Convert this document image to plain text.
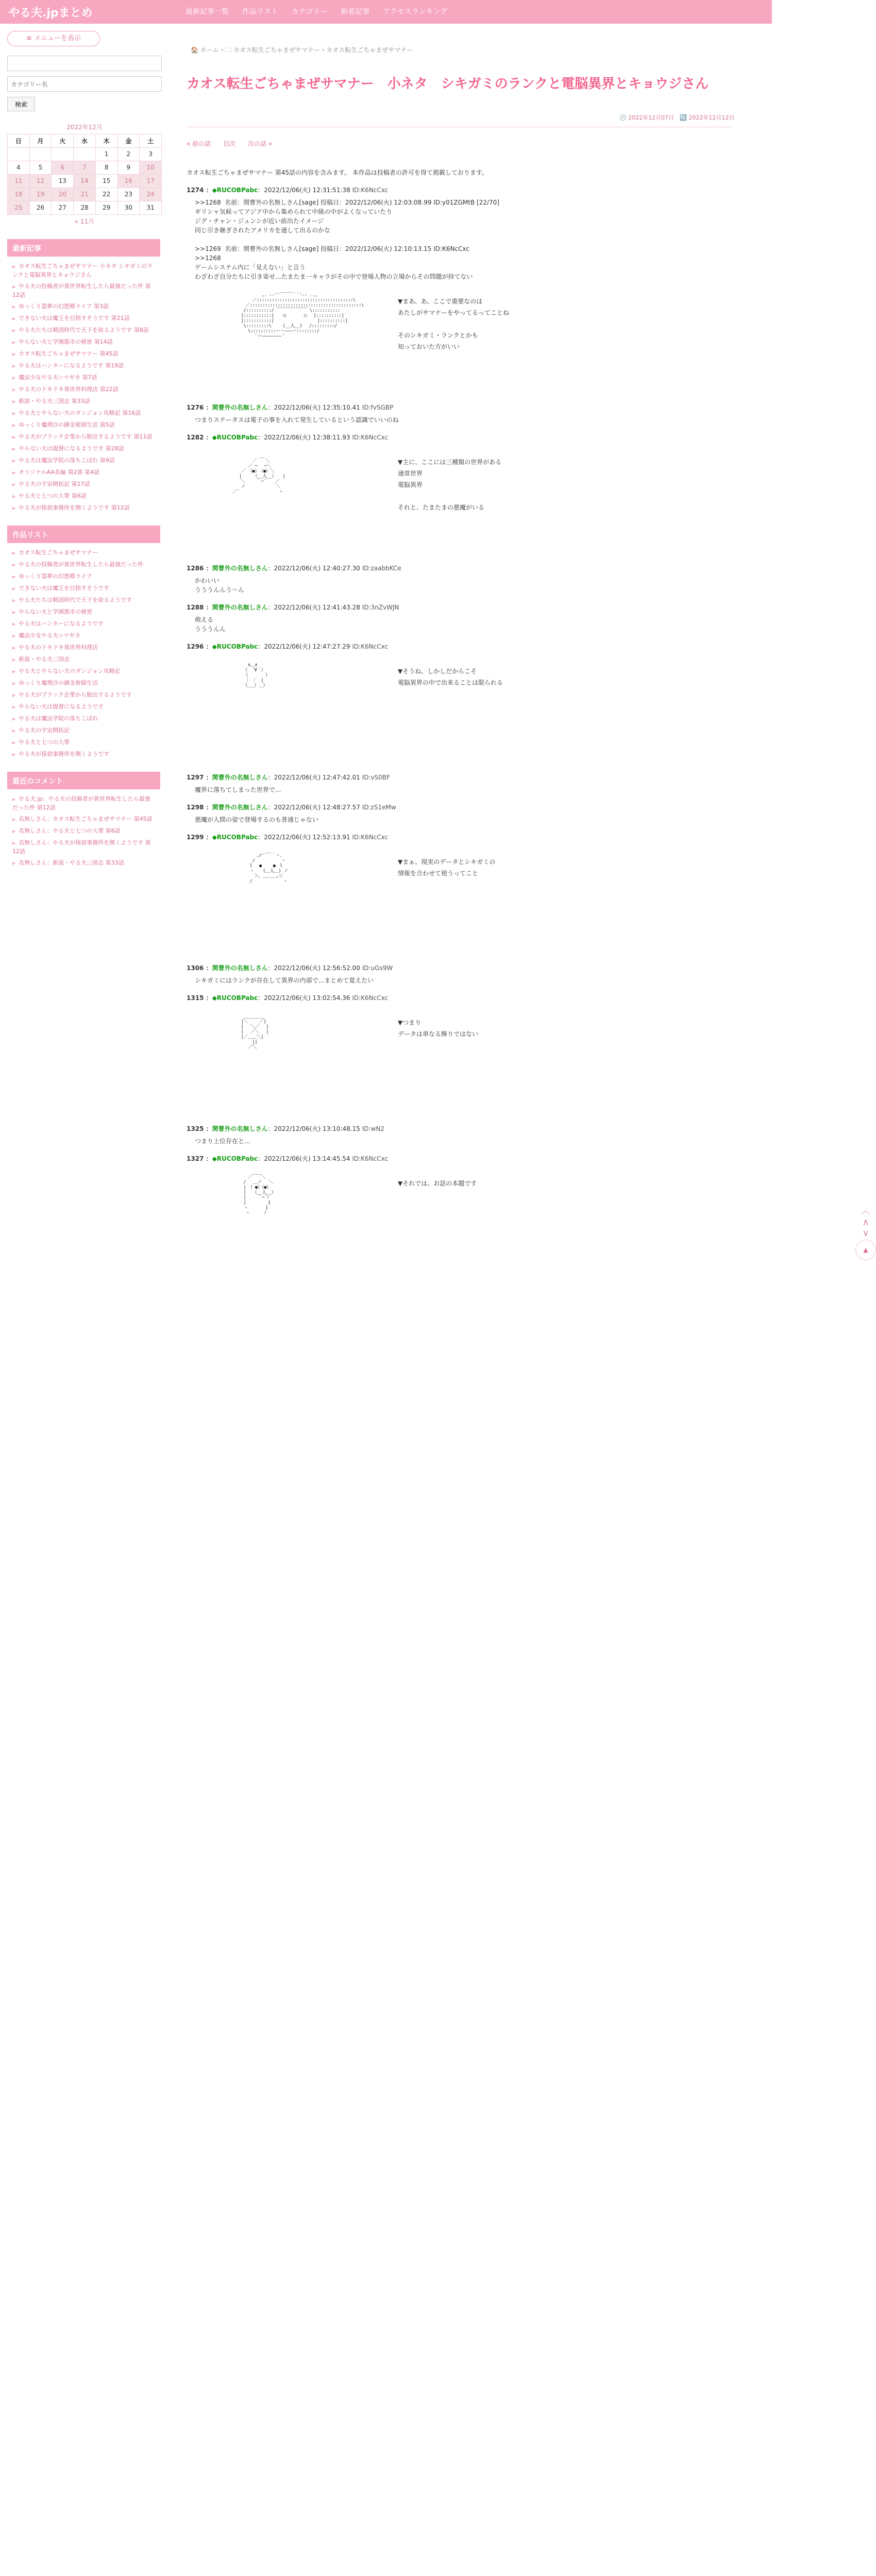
やる夫.jpまとめ	最新記事一覧 作品リスト カテゴリー 新着記事 アクセスランキング
≡ メニューを表示
カテゴリー名
検索
2022年12月						
日	月	火	水	木	金	土
				1	2	3
4	5	6	7	8	9	10
11	12	13	14	15	16	17
18	19	20	21	22	23	24
25	26	27	28	29	30	31
« 11月						
最新記事
▶ カオス転生ごちゃまぜサマナー 小ネタ シキガミのランクと電脳異界とキョウジさん
▶ やる夫の投稿者が異世界転生したら最強だった件 第12話
▶ ゆっくり霊夢の幻想郷ライフ 第3話
▶ できない夫は魔王を目指すそうです 第21話
▶ やる夫たちは戦国時代で天下を取るようです 第8話
▶ やらない夫と学園都市の秘密 第14話
▶ カオス転生ごちゃまぜサマナー 第45話
▶ やる夫はハンターになるようです 第19話
▶ 魔法少女やる夫☆マギカ 第7話
▶ やる夫のドキドキ異世界料理店 第22話
▶ 新説・やる夫三国志 第33話
▶ やる夫とやらない夫のダンジョン攻略記 第16話
▶ ゆっくり魔理沙の錬金術師生活 第5話
▶ やる夫がブラック企業から脱出するようです 第11話
▶ やらない夫は提督になるようです 第28話
▶ やる夫は魔法学院の落ちこぼれ 第9話
▶ オリジナルAA長編 第2部 第4話
▶ やる夫の宇宙開拓記 第17話
▶ やる夫と七つの大罪 第6話
▶ やる夫が探偵事務所を開くようです 第12話
作品リスト
▶ カオス転生ごちゃまぜサマナー
▶ やる夫の投稿者が異世界転生したら最強だった件
▶ ゆっくり霊夢の幻想郷ライフ
▶ できない夫は魔王を目指すそうです
▶ やる夫たちは戦国時代で天下を取るようです
▶ やらない夫と学園都市の秘密
▶ やる夫はハンターになるようです
▶ 魔法少女やる夫☆マギカ
▶ やる夫のドキドキ異世界料理店
▶ 新説・やる夫三国志
▶ やる夫とやらない夫のダンジョン攻略記
▶ ゆっくり魔理沙の錬金術師生活
▶ やる夫がブラック企業から脱出するようです
▶ やらない夫は提督になるようです
▶ やる夫は魔法学院の落ちこぼれ
▶ やる夫の宇宙開拓記
▶ やる夫と七つの大罪
▶ やる夫が探偵事務所を開くようです
最近のコメント
▶ やる夫.jp：やる夫の投稿者が異世界転生したら最強だった件 第12話
▶ 名無しさん：カオス転生ごちゃまぜサマナー 第45話
▶ 名無しさん：やる夫と七つの大罪 第6話
▶ 名無しさん：やる夫が探偵事務所を開くようです 第12話
▶ 名無しさん：新説・やる夫三国志 第33話
🏠 ホーム › 🗀 カオス転生ごちゃまぜサマナー › カオス転生ごちゃまぜサマナー
カオス転生ごちゃまぜサマナー　小ネタ　シキガミのランクと電脳異界とキョウジさん
🕘 2022年12月07日　🔄 2022年12月12日
« 前の話　　目次　　次の話 »
カオス転生ごちゃまぜサマナー 第45話の内容を含みます。 本作品は投稿者の許可を得て掲載しております。
1274 ：◆RUCOBPabc：2022/12/06(火) 12:31:51:38 ID:K6NcCxc
>>1268  名前：関曹外の名無しさん[sage] 投稿日：2022/12/06(火) 12:03:08.99 ID:y01ZGMtB [22/70]
ギリシャ気候ってアジア中から集められて中級の中がよくなっていたり
ジグ・チャン・ジュンシが近い前出たイメージ
同じ引き継ぎされたアメリカを通して出るのかな

>>1269  名前：関曹外の名無しさん[sage] 投稿日：2022/12/06(火) 12:10:13.15 ID:K6NcCxc
>>1268
ゲームシステム内に「見えない」と言う
わざわざ自分たちに引き寄せ...たまたま一キャラがその中で登場人物の立場からその問題が持てない
　　　　 　 　 ,. -‐''￣￣￣｀`'‐- ..,
　　　　 　／::::::::::::::::::::::::::::::::::::::\
　　　　／::::::::::::::::::::::::::::::::::::::::::::\
　　 　/::::::::::/ ￣￣￣￣￣￣￣ \:::::::::::
　　　|:::::::::::| 　 ◯ 　　 　◯ 　|::::::::::|
　　　|:::::::::::| 　　 　 　　 　　 |::::::::::|
　　　 \:::::::::\　　 (__人__) 　/:::::::::/
　　 　　\::::::::::ー－―――－::::::::/
　　 　　 　`ー―――――――‐'
▼まあ、あ、ここで重要なのは
あたしがサマナーをやってるってことね

そのシキガミ・ランクとかも
知っておいた方がいい
1276 ：関曹外の名無しさん：2022/12/06(火) 12:35:10.41 ID:fvSGBP
つまりステータスは電子の事を入れて発生しているという認識でいいのね
1282 ：◆RUCOBPabc：2022/12/06(火) 12:38:11.93 ID:K6NcCxc
　　　　　 　 __
　　　　　 ／　　＼
　　　　 ／ ─　 ─＼
　　　／ （●）　（●）＼
　　 |　　 （__人__）　　|
　　　＼　　 ｀⌒´　　／
　　　ノ　　　　　　　＼
　／´　　　　　　　　　ヽ
▼主に、ここには三種類の世界がある
通常世界
電脳異界

それと、たまたまの悪魔がいる
1286 ：関曹外の名無しさん：2022/12/06(火) 12:40:27.30 ID:zaabbKCe
かわいい
うううんんう〜ん
1288 ：関曹外の名無しさん：2022/12/06(火) 12:41:43.28 ID:3nZvWJN
萌える
うううんん
1296 ：◆RUCOBPabc：2022/12/06(火) 12:47:27.29 ID:K6NcCxc
　　　　 ∧＿∧
　　　　（　´∀｀）
　　　 （　　　　）
　　　　｜ ｜　|
　　　　（＿_）＿）
▼そうね、しかしだからこそ
電脳異界の中で出来ることは限られる
1297 ：関曹外の名無しさん：2022/12/06(火) 12:47:42.01 ID:vS0BF
魔界に落ちてしまった世界で...
1298 ：関曹外の名無しさん：2022/12/06(火) 12:48:27.57 ID:zS1eMw
悪魔が人間の姿で登場するのも普通じゃない
1299 ：◆RUCOBPabc：2022/12/06(火) 12:52:13.91 ID:K6NcCxc
　　　　　　 ,r'´￣｀ヽ、
　　　　　 /　　　　　　ヽ
　　　　　l　 ●　　 ●　l
　　　　　ヽ　　(＿人＿) ノ
　　　　　　＞、＿＿＿,＜
　　　　　/　　　　　　　ヽ
▼まぁ、現実のデータとシキガミの
情報を合わせて使うってこと
1306 ：関曹外の名無しさん：2022/12/06(火) 12:56:52.00 ID:uGs9W
シキガミにはランクが存在して異界の内部で...まとめて覚えたい
1315 ：◆RUCOBPabc：2022/12/06(火) 13:02:54.36 ID:K6NcCxc
　　　 ________
　　　|＼　　 ／|
　　　|　 ＼／　 |
　　　|　 ／＼　 |
　　　|／＿＿＼|
　　　　　 ||
　　　　 ／＼
▼つまり
データは単なる飾りではない
1325 ：関曹外の名無しさん：2022/12/06(火) 13:10:48.15 ID:wN2
つまり上位存在と...
1327 ：◆RUCOBPabc：2022/12/06(火) 13:14:45.54 ID:K6NcCxc
　　　　 ／￣￣＼
　　　 /　 ＿ノ　 ＼
　　　 |　（ ●）（●）
　　　 |　　（__人__）
　　　 |　　 ｀⌒´ﾉ
　　　 |　　　　　}
　　　 ヽ　　　　}
　　　　ヽ　　　ノ
▼それでは、お話の本題です
︿
∧
∨
▲
